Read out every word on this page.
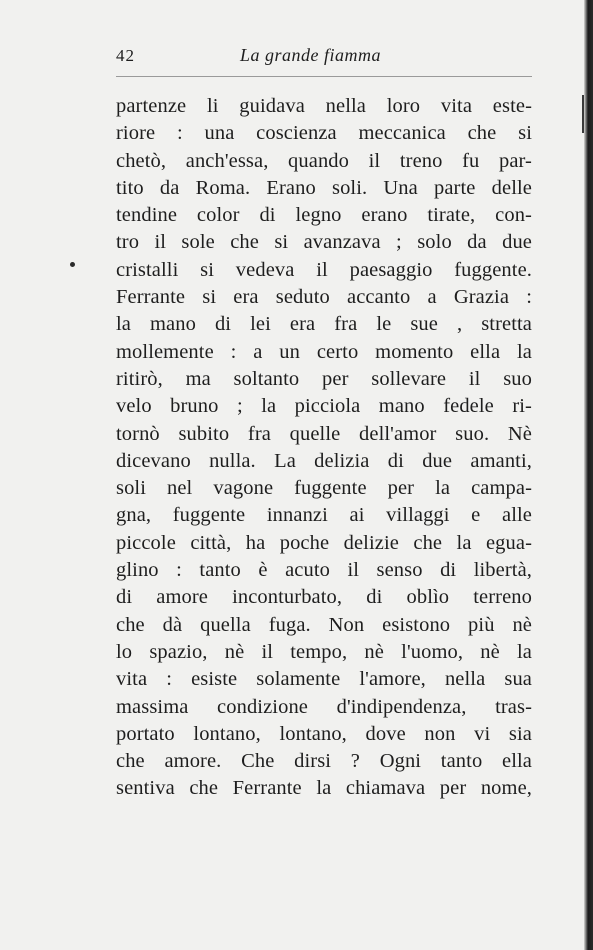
42	La grande fiamma
partenze li guidava nella loro vita este-
riore : una coscienza meccanica che si
chetò, anch'essa, quando il treno fu par-
tito da Roma. Erano soli. Una parte delle
tendine color di legno erano tirate, con-
tro il sole che si avanzava ; solo da due
cristalli si vedeva il paesaggio fuggente.
Ferrante si era seduto accanto a Grazia :
la mano di lei era fra le sue , stretta
mollemente : a un certo momento ella la
ritirò, ma soltanto per sollevare il suo
velo bruno ; la picciola mano fedele ri-
tornò subito fra quelle dell'amor suo. Nè
dicevano nulla. La delizia di due amanti,
soli nel vagone fuggente per la campa-
gna, fuggente innanzi ai villaggi e alle
piccole città, ha poche delizie che la egua-
glino : tanto è acuto il senso di libertà,
di amore inconturbato, di oblìo terreno
che dà quella fuga. Non esistono più nè
lo spazio, nè il tempo, nè l'uomo, nè la
vita : esiste solamente l'amore, nella sua
massima condizione d'indipendenza, tras-
portato lontano, lontano, dove non vi sia
che amore. Che dirsi ? Ogni tanto ella
sentiva che Ferrante la chiamava per nome,
